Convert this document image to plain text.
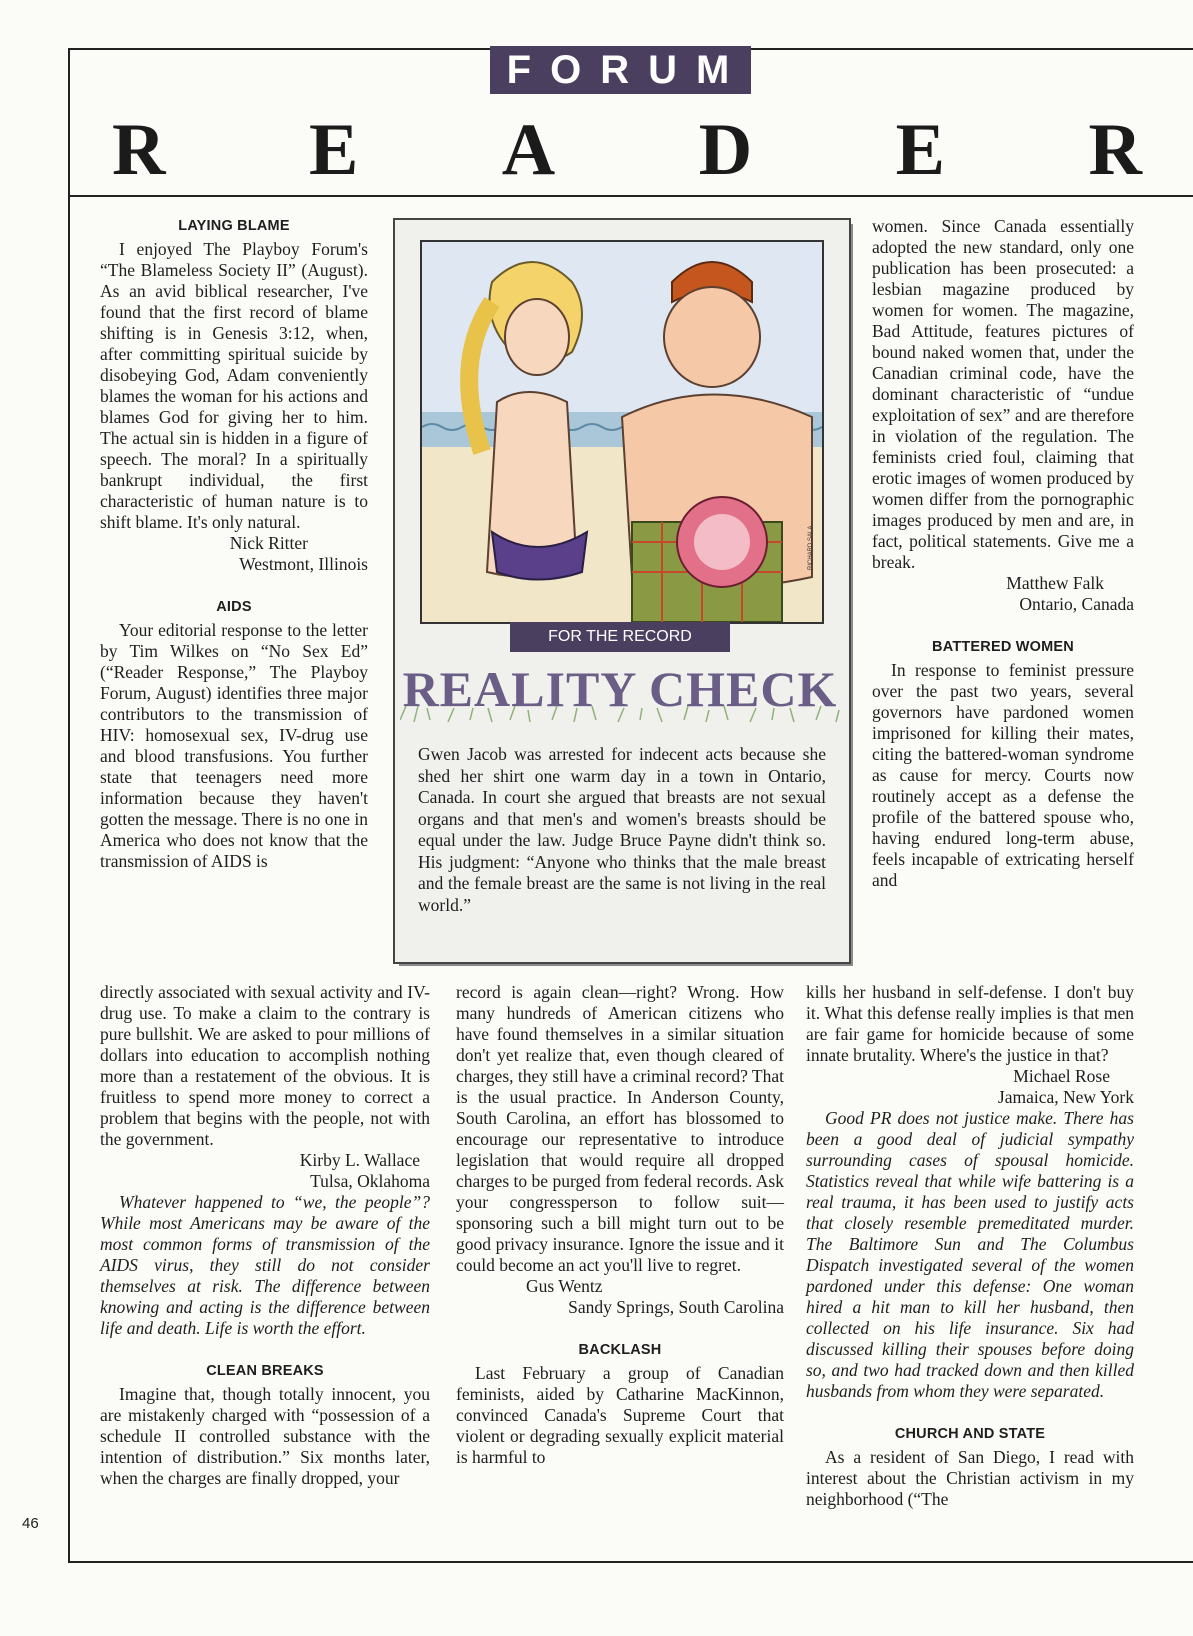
FORUM
R E A D E R
LAYING BLAME

I enjoyed The Playboy Forum's “The Blameless Society II” (August). As an avid biblical researcher, I've found that the first record of blame shifting is in Genesis 3:12, when, after committing spiritual suicide by disobeying God, Adam conveniently blames the woman for his actions and blames God for giving her to him. The actual sin is hidden in a figure of speech. The moral? In a spiritually bankrupt individual, the first characteristic of human nature is to shift blame. It's only natural.

Nick Ritter
Westmont, Illinois
AIDS

Your editorial response to the letter by Tim Wilkes on “No Sex Ed” (“Reader Response,” The Playboy Forum, August) identifies three major contributors to the transmission of HIV: homosexual sex, IV-drug use and blood transfusions. You further state that teenagers need more information because they haven't gotten the message. There is no one in America who does not know that the transmission of AIDS is

directly associated with sexual activity and IV-drug use. To make a claim to the contrary is pure bullshit. We are asked to pour millions of dollars into education to accomplish nothing more than a restatement of the obvious. It is fruitless to spend more money to correct a problem that begins with the people, not with the government.

Kirby L. Wallace
Tulsa, Oklahoma

Whatever happened to “we, the people”? While most Americans may be aware of the most common forms of transmission of the AIDS virus, they still do not consider themselves at risk. The difference between knowing and acting is the difference between life and death. Life is worth the effort.

CLEAN BREAKS

Imagine that, though totally innocent, you are mistakenly charged with “possession of a schedule II controlled substance with the intention of distribution.” Six months later, when the charges are finally dropped, your

RICHARD SALA
FOR THE RECORD
REALITY CHECK
Gwen Jacob was arrested for indecent acts because she shed her shirt one warm day in a town in Ontario, Canada. In court she argued that breasts are not sexual organs and that men's and women's breasts should be equal under the law. Judge Bruce Payne didn't think so. His judgment: “Anyone who thinks that the male breast and the female breast are the same is not living in the real world.”

record is again clean—right? Wrong. How many hundreds of American citizens who have found themselves in a similar situation don't yet realize that, even though cleared of charges, they still have a criminal record? That is the usual practice. In Anderson County, South Carolina, an effort has blossomed to encourage our representative to introduce legislation that would require all dropped charges to be purged from federal records. Ask your congressperson to follow suit—sponsoring such a bill might turn out to be good privacy insurance. Ignore the issue and it could become an act you'll live to regret.

Gus Wentz
Sandy Springs, South Carolina
BACKLASH

Last February a group of Canadian feminists, aided by Catharine MacKinnon, convinced Canada's Supreme Court that violent or degrading sexually explicit material is harmful to

women. Since Canada essentially adopted the new standard, only one publication has been prosecuted: a lesbian magazine produced by women for women. The magazine, Bad Attitude, features pictures of bound naked women that, under the Canadian criminal code, have the dominant characteristic of “undue exploitation of sex” and are therefore in violation of the regulation. The feminists cried foul, claiming that erotic images of women produced by women differ from the pornographic images produced by men and are, in fact, political statements. Give me a break.

Matthew Falk
Ontario, Canada
BATTERED WOMEN

In response to feminist pressure over the past two years, several governors have pardoned women imprisoned for killing their mates, citing the battered-woman syndrome as cause for mercy. Courts now routinely accept as a defense the profile of the battered spouse who, having endured long-term abuse, feels incapable of extricating herself and

kills her husband in self-defense. I don't buy it. What this defense really implies is that men are fair game for homicide because of some innate brutality. Where's the justice in that?

Michael Rose
Jamaica, New York

Good PR does not justice make. There has been a good deal of judicial sympathy surrounding cases of spousal homicide. Statistics reveal that while wife battering is a real trauma, it has been used to justify acts that closely resemble premeditated murder. The Baltimore Sun and The Columbus Dispatch investigated several of the women pardoned under this defense: One woman hired a hit man to kill her husband, then collected on his life insurance. Six had discussed killing their spouses before doing so, and two had tracked down and then killed husbands from whom they were separated.

CHURCH AND STATE

As a resident of San Diego, I read with interest about the Christian activism in my neighborhood (“The

46
